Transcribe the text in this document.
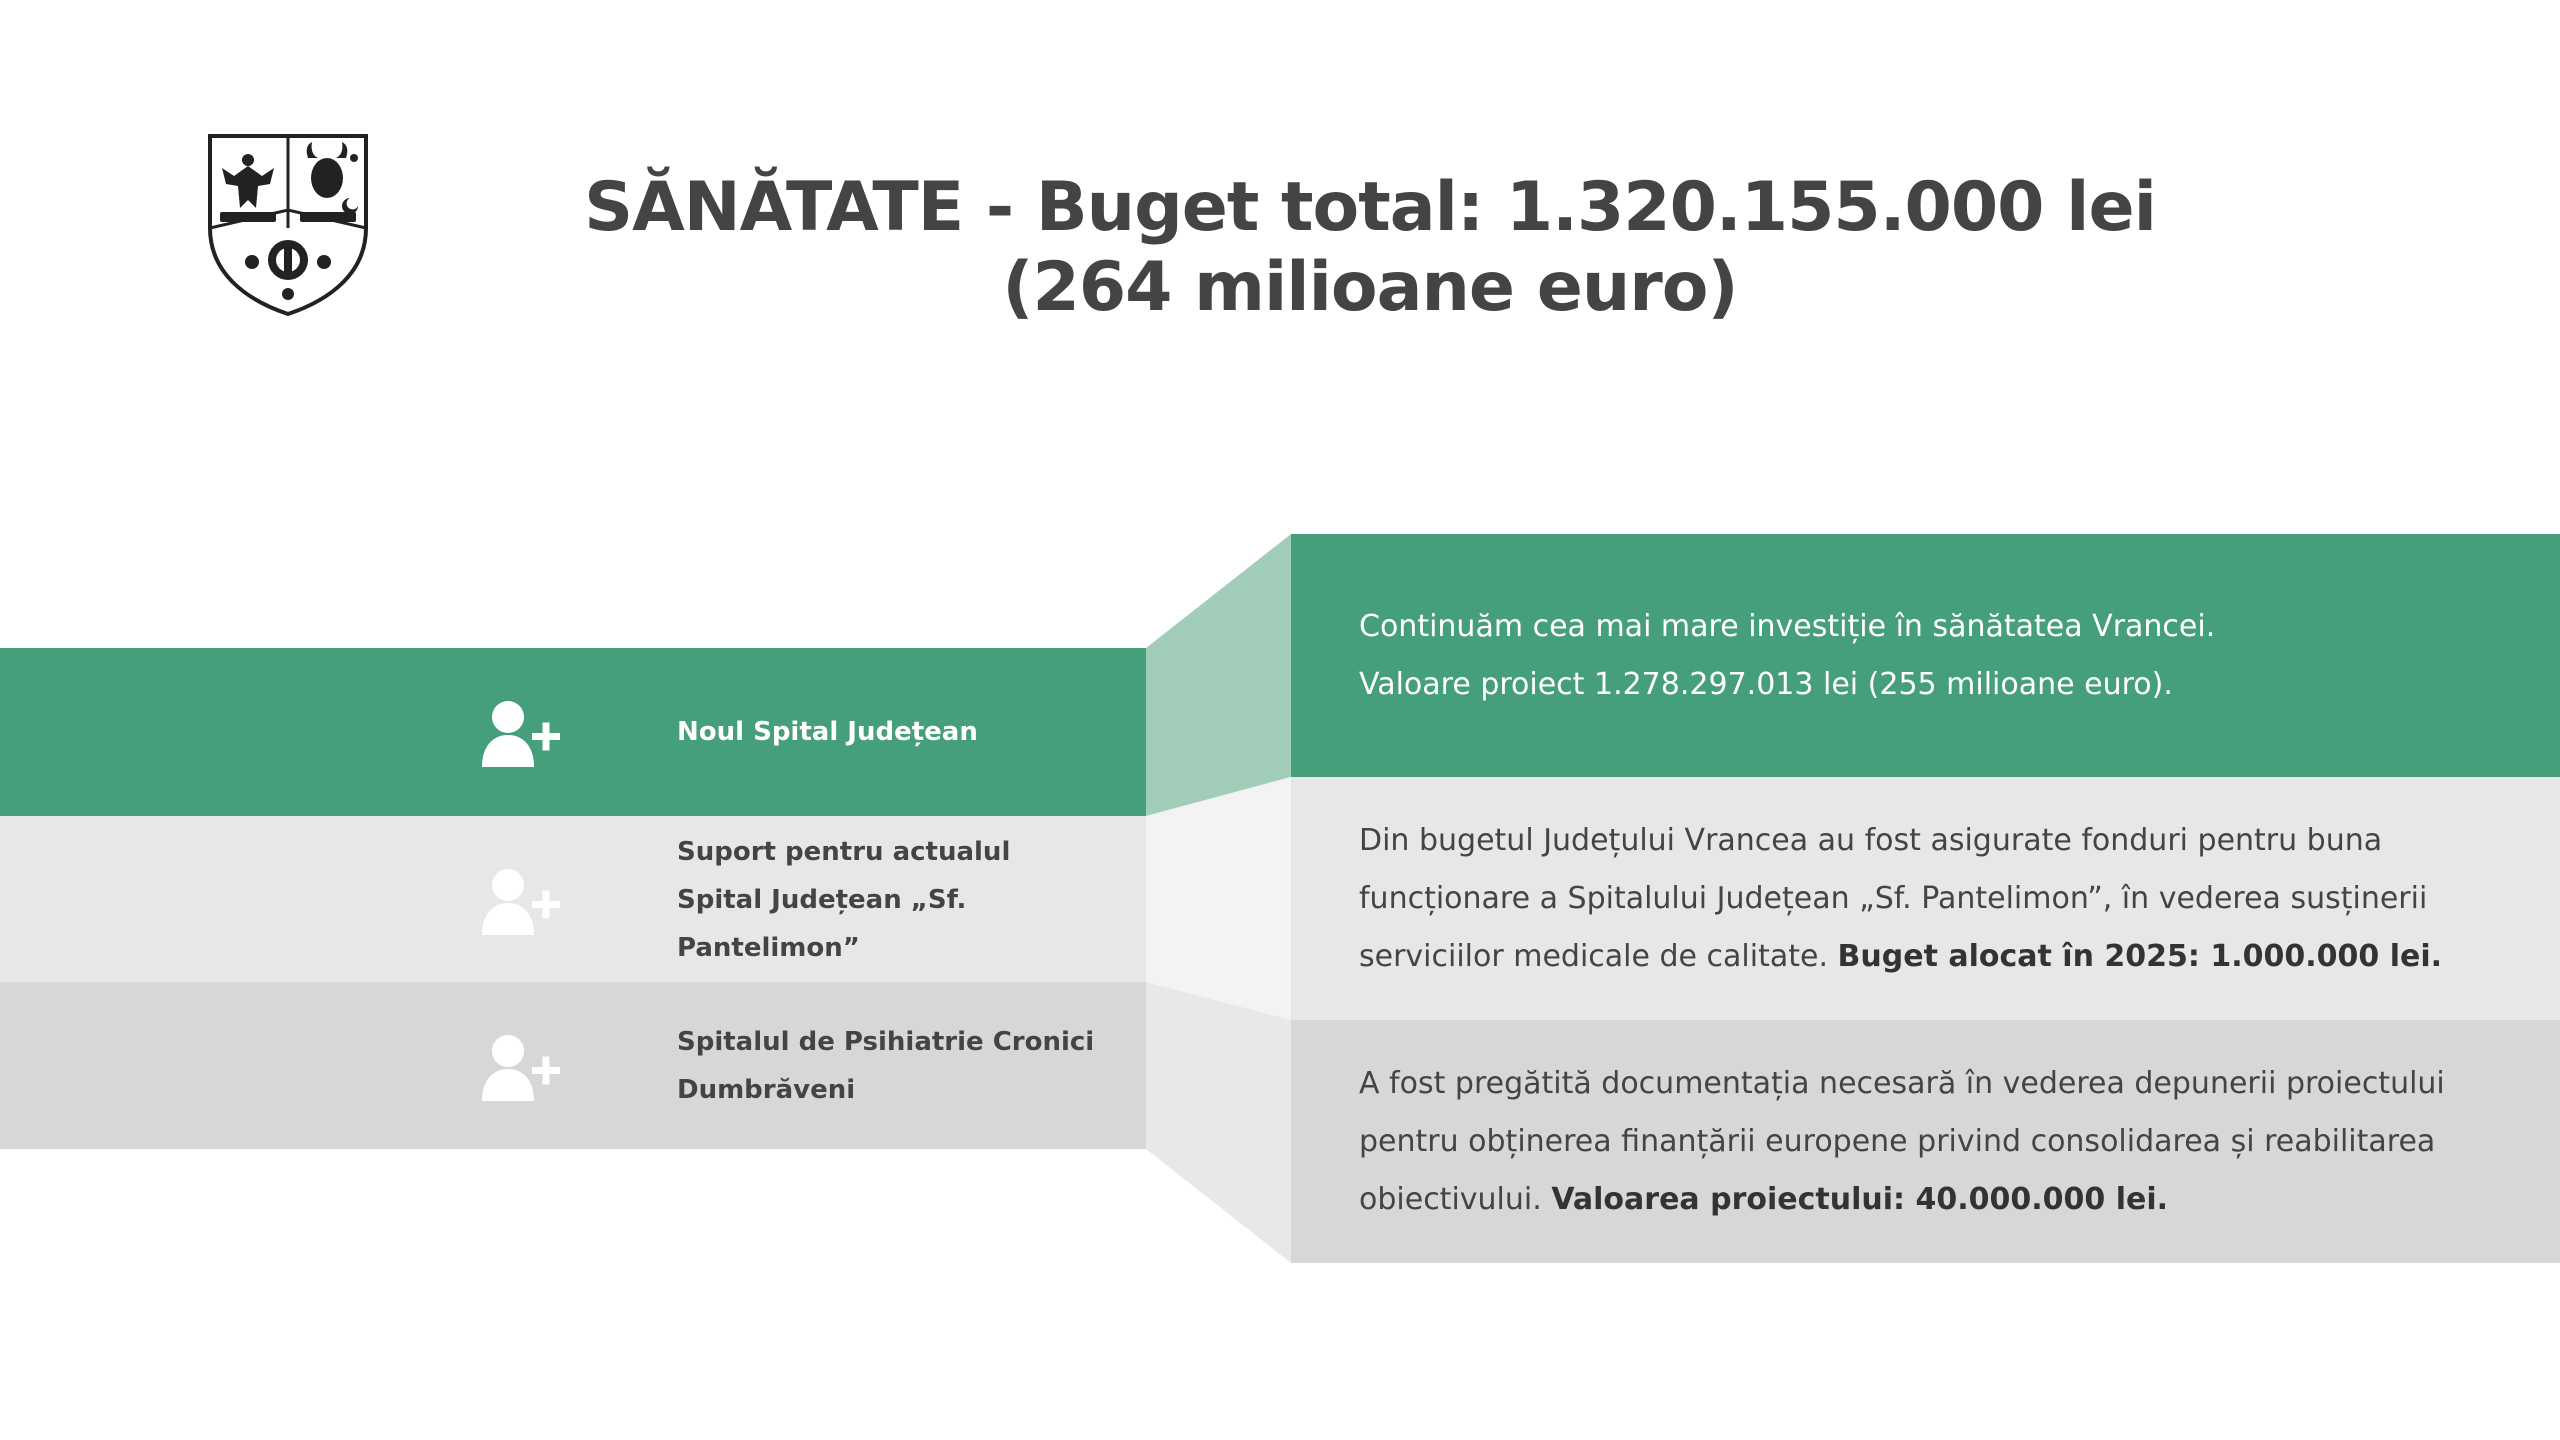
SĂNĂTATE - Buget total: 1.320.155.000 lei
(264 milioane euro)
Noul Spital Județean
Suport pentru actualul Spital Județean „Sf. Pantelimon”
Spitalul de Psihiatrie Cronici Dumbrăveni

Continuăm cea mai mare investiție în sănătatea Vrancei.

Valoare proiect 1.278.297.013 lei (255 milioane euro).

Din bugetul Județului Vrancea au fost asigurate fonduri pentru buna funcționare a Spitalului Județean „Sf. Pantelimon”, în vederea susținerii serviciilor medicale de calitate. Buget alocat în 2025: 1.000.000 lei.

A fost pregătită documentația necesară în vederea depunerii proiectului pentru obținerea finanțării europene privind consolidarea și reabilitarea obiectivului. Valoarea proiectului: 40.000.000 lei.
